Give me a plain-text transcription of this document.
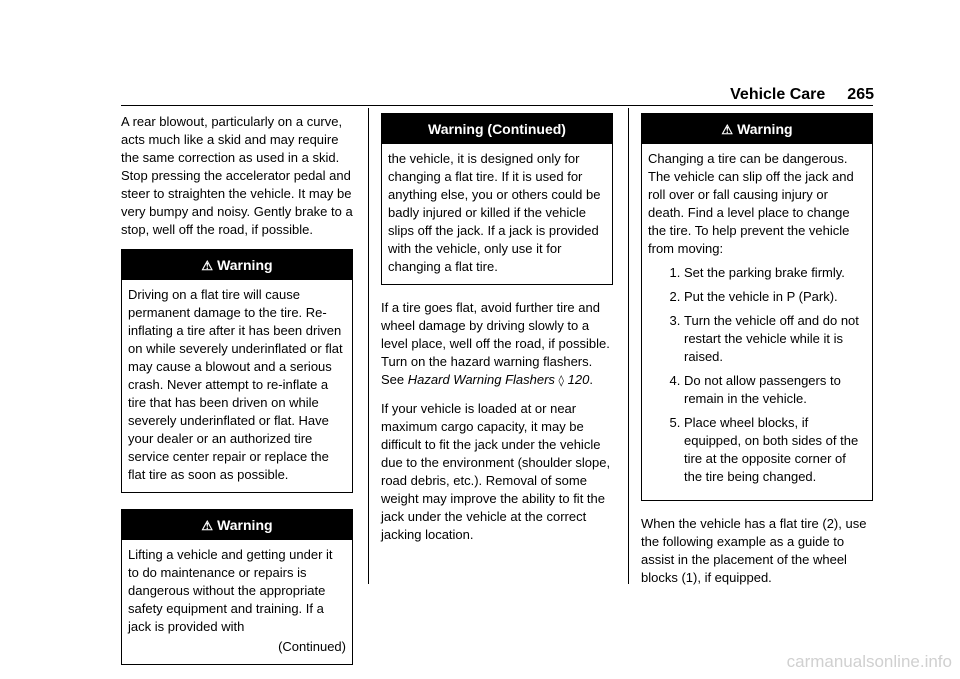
Vehicle Care 265

A rear blowout, particularly on a curve, acts much like a skid and may require the same correction as used in a skid. Stop pressing the accelerator pedal and steer to straighten the vehicle. It may be very bumpy and noisy. Gently brake to a stop, well off the road, if possible.

⚠ Warning
Driving on a flat tire will cause permanent damage to the tire. Re-inflating a tire after it has been driven on while severely underinflated or flat may cause a blowout and a serious crash. Never attempt to re-inflate a tire that has been driven on while severely underinflated or flat. Have your dealer or an authorized tire service center repair or replace the flat tire as soon as possible.
⚠ Warning
Lifting a vehicle and getting under it to do maintenance or repairs is dangerous without the appropriate safety equipment and training. If a jack is provided with
(Continued)
Warning (Continued)
the vehicle, it is designed only for changing a flat tire. If it is used for anything else, you or others could be badly injured or killed if the vehicle slips off the jack. If a jack is provided with the vehicle, only use it for changing a flat tire.

If a tire goes flat, avoid further tire and wheel damage by driving slowly to a level place, well off the road, if possible. Turn on the hazard warning flashers. See Hazard Warning Flashers ◊ 120.

If your vehicle is loaded at or near maximum cargo capacity, it may be difficult to fit the jack under the vehicle due to the environment (shoulder slope, road debris, etc.). Removal of some weight may improve the ability to fit the jack under the vehicle at the correct jacking location.

⚠ Warning
Changing a tire can be dangerous. The vehicle can slip off the jack and roll over or fall causing injury or death. Find a level place to change the tire. To help prevent the vehicle from moving:
1. Set the parking brake firmly.
2. Put the vehicle in P (Park).
3. Turn the vehicle off and do not restart the vehicle while it is raised.
4. Do not allow passengers to remain in the vehicle.
5. Place wheel blocks, if equipped, on both sides of the tire at the opposite corner of the tire being changed.

When the vehicle has a flat tire (2), use the following example as a guide to assist in the placement of the wheel blocks (1), if equipped.

carmanualsonline.info
